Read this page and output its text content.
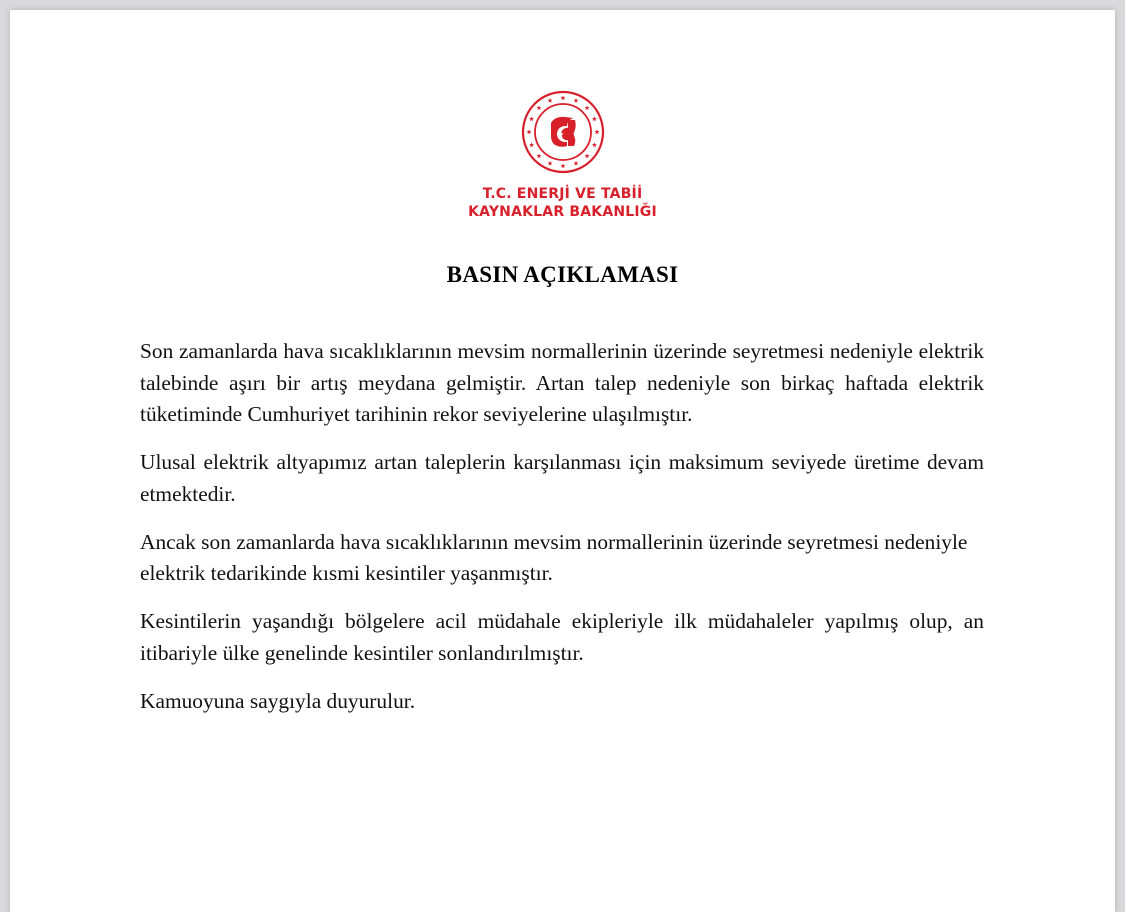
T.C. ENERJİ VE TABİİ
KAYNAKLAR BAKANLIĞI
BASIN AÇIKLAMASI

Son zamanlarda hava sıcaklıklarının mevsim normallerinin üzerinde seyretmesi nedeniyle elektrik talebinde aşırı bir artış meydana gelmiştir. Artan talep nedeniyle son birkaç haftada elektrik tüketiminde Cumhuriyet tarihinin rekor seviyelerine ulaşılmıştır.

Ulusal elektrik altyapımız artan taleplerin karşılanması için maksimum seviyede üretime devam etmektedir.

Ancak son zamanlarda hava sıcaklıklarının mevsim normallerinin üzerinde seyretmesi nedeniyle elektrik tedarikinde kısmi kesintiler yaşanmıştır.

Kesintilerin yaşandığı bölgelere acil müdahale ekipleriyle ilk müdahaleler yapılmış olup, an itibariyle ülke genelinde kesintiler sonlandırılmıştır.

Kamuoyuna saygıyla duyurulur.
